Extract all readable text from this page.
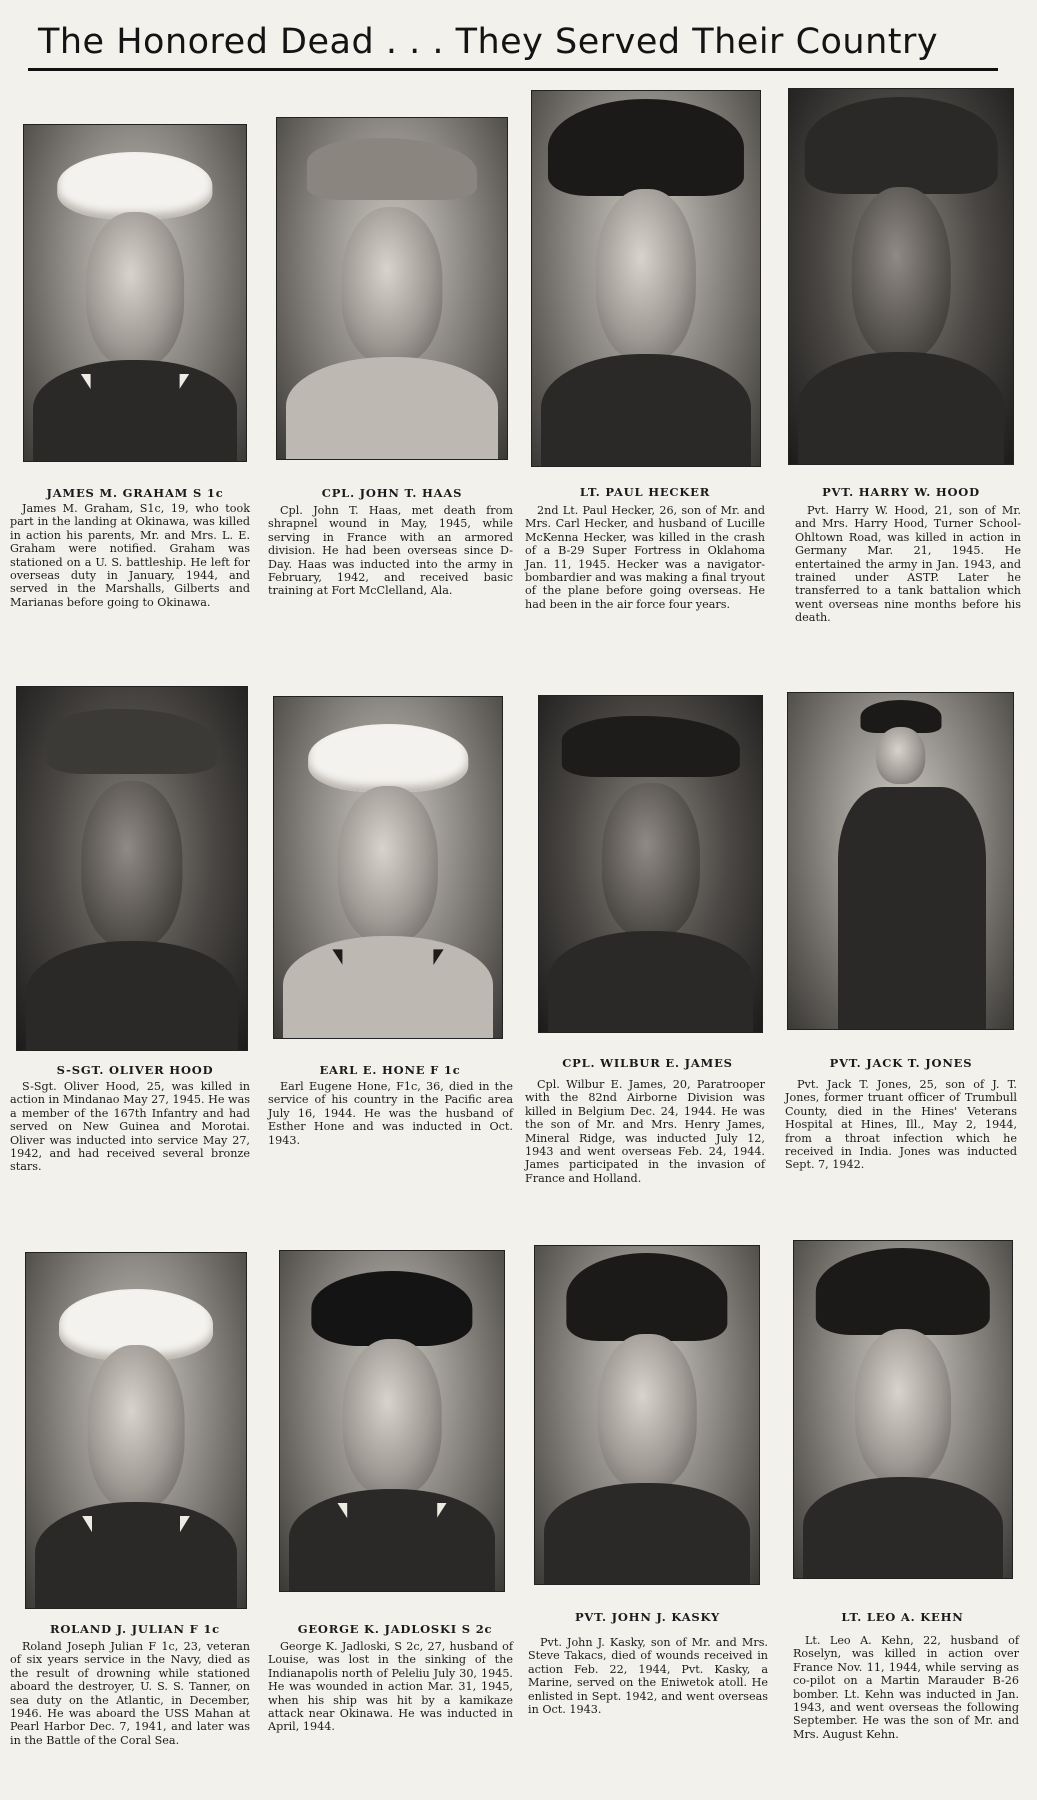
The Honored Dead . . . They Served Their Country
JAMES M. GRAHAM S 1c
James M. Graham, S1c, 19, who took part in the landing at Okinawa, was killed in action his parents, Mr. and Mrs. L. E. Graham were notified. Graham was stationed on a U. S. battleship. He left for overseas duty in January, 1944, and served in the Marshalls, Gilberts and Marianas before going to Okinawa.
CPL. JOHN T. HAAS
Cpl. John T. Haas, met death from shrapnel wound in May, 1945, while serving in France with an armored division. He had been overseas since D-Day. Haas was inducted into the army in February, 1942, and received basic training at Fort McClelland, Ala.
LT. PAUL HECKER
2nd Lt. Paul Hecker, 26, son of Mr. and Mrs. Carl Hecker, and husband of Lucille McKenna Hecker, was killed in the crash of a B-29 Super Fortress in Oklahoma Jan. 11, 1945. Hecker was a navigator-bombardier and was making a final tryout of the plane before going overseas. He had been in the air force four years.
PVT. HARRY W. HOOD
Pvt. Harry W. Hood, 21, son of Mr. and Mrs. Harry Hood, Turner School-Ohltown Road, was killed in action in Germany Mar. 21, 1945. He entertained the army in Jan. 1943, and trained under ASTP. Later he transferred to a tank battalion which went overseas nine months before his death.
S-SGT. OLIVER HOOD
S-Sgt. Oliver Hood, 25, was killed in action in Mindanao May 27, 1945. He was a member of the 167th Infantry and had served on New Guinea and Morotai. Oliver was inducted into service May 27, 1942, and had received several bronze stars.
EARL E. HONE F 1c
Earl Eugene Hone, F1c, 36, died in the service of his country in the Pacific area July 16, 1944. He was the husband of Esther Hone and was inducted in Oct. 1943.
CPL. WILBUR E. JAMES
Cpl. Wilbur E. James, 20, Paratrooper with the 82nd Airborne Division was killed in Belgium Dec. 24, 1944. He was the son of Mr. and Mrs. Henry James, Mineral Ridge, was inducted July 12, 1943 and went overseas Feb. 24, 1944. James participated in the invasion of France and Holland.
PVT. JACK T. JONES
Pvt. Jack T. Jones, 25, son of J. T. Jones, former truant officer of Trumbull County, died in the Hines' Veterans Hospital at Hines, Ill., May 2, 1944, from a throat infection which he received in India. Jones was inducted Sept. 7, 1942.
ROLAND J. JULIAN F 1c
Roland Joseph Julian F 1c, 23, veteran of six years service in the Navy, died as the result of drowning while stationed aboard the destroyer, U. S. S. Tanner, on sea duty on the Atlantic, in December, 1946. He was aboard the USS Mahan at Pearl Harbor Dec. 7, 1941, and later was in the Battle of the Coral Sea.
GEORGE K. JADLOSKI S 2c
George K. Jadloski, S 2c, 27, husband of Louise, was lost in the sinking of the Indianapolis north of Peleliu July 30, 1945. He was wounded in action Mar. 31, 1945, when his ship was hit by a kamikaze attack near Okinawa. He was inducted in April, 1944.
PVT. JOHN J. KASKY
Pvt. John J. Kasky, son of Mr. and Mrs. Steve Takacs, died of wounds received in action Feb. 22, 1944, Pvt. Kasky, a Marine, served on the Eniwetok atoll. He enlisted in Sept. 1942, and went overseas in Oct. 1943.
LT. LEO A. KEHN
Lt. Leo A. Kehn, 22, husband of Roselyn, was killed in action over France Nov. 11, 1944, while serving as co-pilot on a Martin Marauder B-26 bomber. Lt. Kehn was inducted in Jan. 1943, and went overseas the following September. He was the son of Mr. and Mrs. August Kehn.
